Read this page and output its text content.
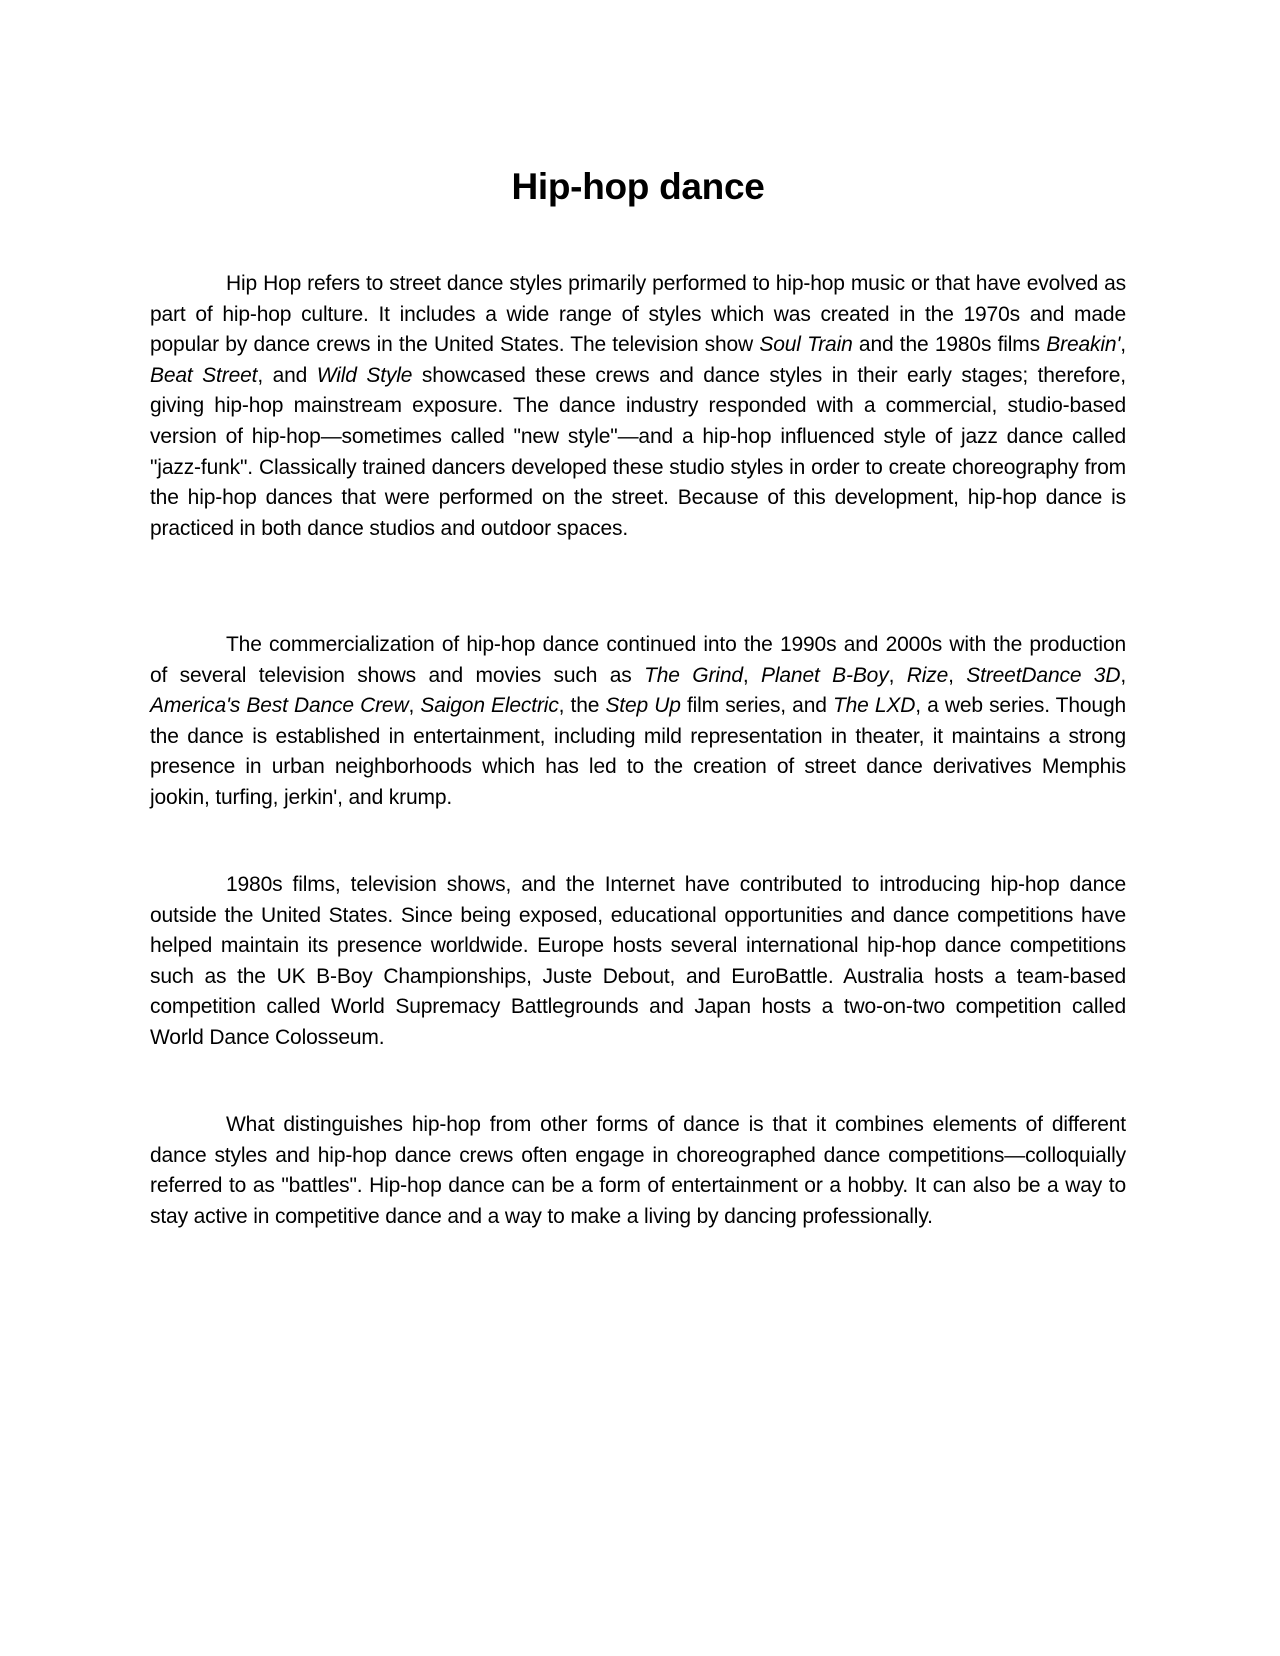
Hip-hop dance

Hip Hop refers to street dance styles primarily performed to hip-hop music or that have evolved as part of hip-hop culture. It includes a wide range of styles which was created in the 1970s and made popular by dance crews in the United States. The television show Soul Train and the 1980s films Breakin', Beat Street, and Wild Style showcased these crews and dance styles in their early stages; therefore, giving hip-hop mainstream exposure. The dance industry responded with a commercial, studio-based version of hip-hop—sometimes called "new style"—and a hip-hop influenced style of jazz dance called "jazz-funk". Classically trained dancers developed these studio styles in order to create choreography from the hip-hop dances that were performed on the street. Because of this development, hip-hop dance is practiced in both dance studios and outdoor spaces.

The commercialization of hip-hop dance continued into the 1990s and 2000s with the production of several television shows and movies such as The Grind, Planet B-Boy, Rize, StreetDance 3D, America's Best Dance Crew, Saigon Electric, the Step Up film series, and The LXD, a web series. Though the dance is established in entertainment, including mild representation in theater, it maintains a strong presence in urban neighborhoods which has led to the creation of street dance derivatives Memphis jookin, turfing, jerkin', and krump.

1980s films, television shows, and the Internet have contributed to introducing hip-hop dance outside the United States. Since being exposed, educational opportunities and dance competitions have helped maintain its presence worldwide. Europe hosts several international hip-hop dance competitions such as the UK B-Boy Championships, Juste Debout, and EuroBattle. Australia hosts a team-based competition called World Supremacy Battlegrounds and Japan hosts a two-on-two competition called World Dance Colosseum.

What distinguishes hip-hop from other forms of dance is that it combines elements of different dance styles and hip-hop dance crews often engage in choreographed dance competitions—colloquially referred to as "battles". Hip-hop dance can be a form of entertainment or a hobby. It can also be a way to stay active in competitive dance and a way to make a living by dancing professionally.
